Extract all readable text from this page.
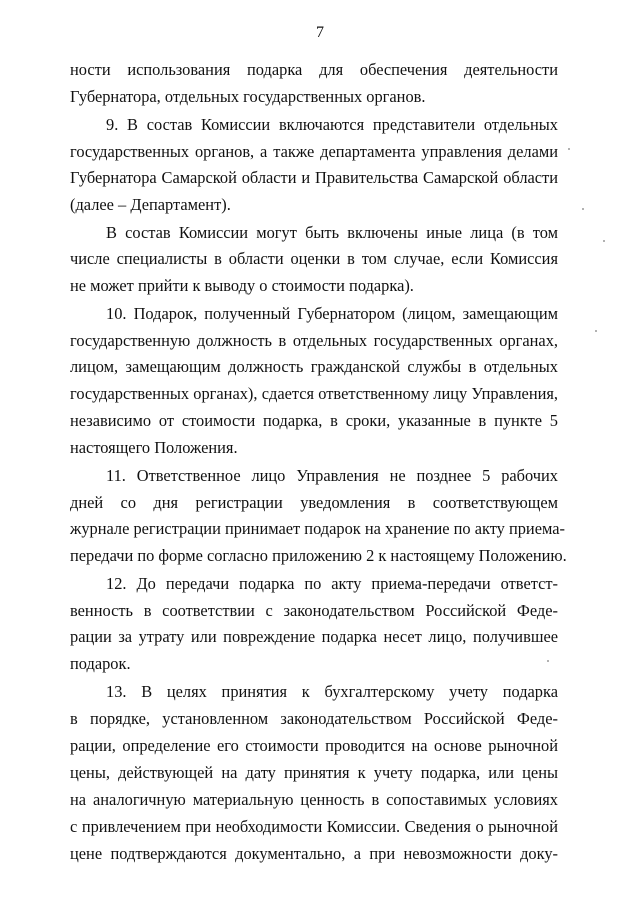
7
ности использования подарка для обеспечения деятельности
Губернатора, отдельных государственных органов.
9. В состав Комиссии включаются представители отдельных
государственных органов, а также департамента управления делами
Губернатора Самарской области и Правительства Самарской области
(далее – Департамент).
В состав Комиссии могут быть включены иные лица (в том
числе специалисты в области оценки в том случае, если Комиссия
не может прийти к выводу о стоимости подарка).
10. Подарок, полученный Губернатором (лицом, замещающим
государственную должность в отдельных государственных органах,
лицом, замещающим должность гражданской службы в отдельных
государственных органах), сдается ответственному лицу Управления,
независимо от стоимости подарка, в сроки, указанные в пункте 5
настоящего Положения.
11. Ответственное лицо Управления не позднее 5 рабочих
дней со дня регистрации уведомления в соответствующем
журнале регистрации принимает подарок на хранение по акту приема-
передачи по форме согласно приложению 2 к настоящему Положению.
12. До передачи подарка по акту приема-передачи ответст-
венность в соответствии с законодательством Российской Феде-
рации за утрату или повреждение подарка несет лицо, получившее
подарок.
13. В целях принятия к бухгалтерскому учету подарка
в порядке, установленном законодательством Российской Феде-
рации, определение его стоимости проводится на основе рыночной
цены, действующей на дату принятия к учету подарка, или цены
на аналогичную материальную ценность в сопоставимых условиях
с привлечением при необходимости Комиссии. Сведения о рыночной
цене подтверждаются документально, а при невозможности доку-
